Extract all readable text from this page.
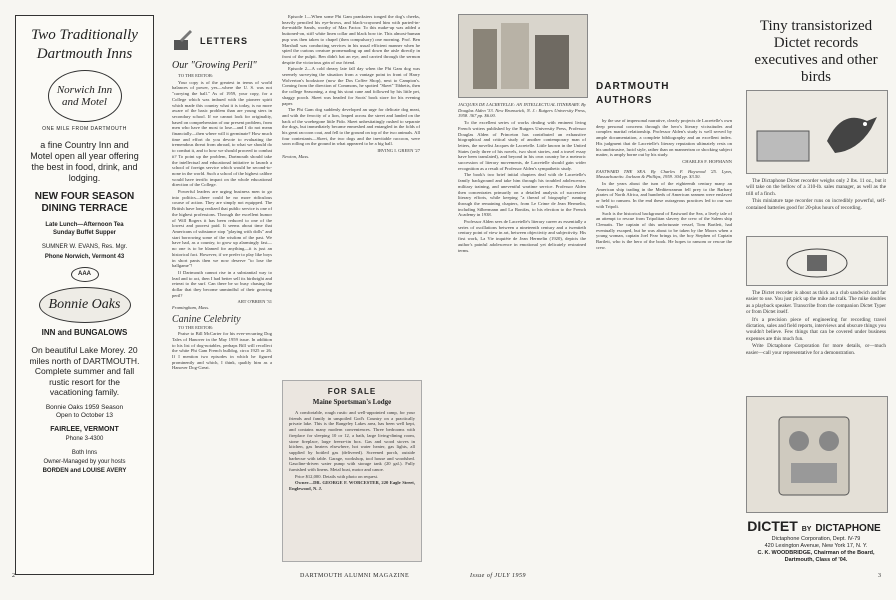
Two Traditionally Dartmouth Inns
Norwich Inn
and Motel
ONE MILE FROM DARTMOUTH
a fine Country Inn and Motel open all year offering the best in food, drink, and lodging.
NEW FOUR SEASON DINING TERRACE
Late Lunch—Afternoon Tea Sunday Buffet Supper
SUMNER W. EVANS, Res. Mgr.
Phone Norwich, Vermont 43
AAA
Bonnie Oaks
INN and BUNGALOWS
On beautiful Lake Morey. 20 miles north of DARTMOUTH. Complete summer and fall rustic resort for the vacationing family.
Bonnie Oaks 1959 Season Open to October 13
FAIRLEE, VERMONT
Phone 3-4300
Both Inns
Owner-Managed by your hosts
BORDEN and LOUISE AVERY
LETTERS
Our "Growing Peril"

TO THE EDITOR:

Your copy is of the greatest in terms of world balances of power, yes—where the U. S. was not "carrying the ball." As of 1959, your copy, for a College which was imbued with the pioneer spirit which made this country what it is today, is no more aware of the basic problem than are young sters in secondary school. If we cannot look for originality, based on comprehension of our present problem, from men who have the most to lose—and I do not mean financially—then where will it germinate? How much time and effort do you devote to evaluating the tremendous threat from abroad, to what we should do to combat it, and to how we should proceed to combat it? To point up the problem, Dartmouth should take the intellectual and educational initiative to launch a school of foreign service which would be second-to-none in the world. Such a school of the highest calibre would have terrific impact on the whole educational direction of the College.

Powerful leaders are urging business men to go into politics—there could be no more ridiculous course of action. They are simply not equipped. The British have long realized that public service is one of the highest professions. Through the excellent humor of Will Rogers it has been reduced to one of the lowest and poorest paid. It seems about time that Americans of substance stop "playing with dolls" and start borrowing some of the wisdom of the past. We have had, as a country, to grow up alarmingly fast—no one is to be blamed for anything—it is just an historical fact. However, if we prefer to play like boys in short pants then we now deserve "to lose the ballgame"!

If Dartmouth cannot rise in a substantial way to lead and to act, then I had better sell its birthright and retreat to the surf. Can there be so busy chasing the dollar that they become unmindful of their growing peril?

ART O'BRIEN '31
Framingham, Mass.
Canine Celebrity

TO THE EDITOR:

Praise to Bill McCarter for his ever-recurring Dog Tales of Hanover in the May 1959 issue. In addition to his list of dog-notables, perhaps Bill will recollect the white Phi Gam French bulldog, circa 1925 or 26. If I mention two episodes in which he figured prominently and which, I think, qualify him as a Hanover Dog-Great.

Episode 1—When some Phi Gam pranksters tonged the dog's cheeks, heavily penciled his eye-brows, and black-crayoned him with parted-in-the-middle Sands, worthy of Max Factor. To this make-up was added a buttoned-on, stiff white linen collar and black bow tie. This almost-human pup was then taken to chapel (then compulsory) one morning. Prof. Ben Marshall was conducting services in his usual efficient manner when he spied the curious creature promenading up and down the aisle directly in front of the pulpit. Ben didn't bat an eye, and carried through the sermon despite the victorious grin of our friend.

Episode 2—A cold dreary late fall day when the Phi Gam dog was serenely surveying the situation from a vantage point in front of Harry Wolverton's bookstore (now the Dos Coffee Shop), next to Campion's. Coming from the direction of Commons, he spotted "Skeet" Tibbetts, then the college Seasoning, a ring his stout cane and followed by his little pet, shaggy pooch. Skeet was headed for Soots' book store for his evening paper.

The Phi Gam dog suddenly developed an urge for delicate dog meat, and with the ferocity of a lion, leaped across the street and landed on the back of the woebegone little Fido. Skeet unhesitatingly rushed to separate the dogs, but immediately became enmeshed and entangled in the folds of his great raccoon coat, and fell to the ground on top of the two animals. All four contestants—Skeet, the two dogs and the inevitable raccoon, were soon rolling on the ground in what appeared to be a big ball.

IRVING I. GREEN '27
Newton, Mass.
FOR SALE
Maine Sportsman's Lodge

A comfortable, rough rustic and well-appointed camp, for your friends and family in unspoiled God's Country on a practically private lake. This is the Rangeley Lakes area, has been well kept, and contains many modern conveniences. Three bedrooms with fireplace for sleeping 10 or 12, a bath, large living-dining room, stone fireplace, large freeze-tin box. Gas and wood stoves in kitchen, gas heaters elsewhere, hot water heater, gas lights, all supplied by bottled gas (delivered). Screened porch, outside barbecue with table. Garage, workshop, tool house and woodshed. Gasoline-driven water pump with storage tank (20 gal.). Fully furnished with linens. Metal boat, motor and canoe.

Price $12,000. Details with photo on request.

Owner—DR. GEORGE F. WORCESTER, 220 Eagle Street, Englewood, N. J.

JACQUES DE LACRETELLE: AN INTELLECTUAL ITINERARY. By Douglas Alden '33. New Brunswick, N. J.: Rutgers University Press, 1958. 367 pp. $6.00.

To the excellent series of works dealing with eminent living French writers published by the Rutgers University Press, Professor Douglas Alden of Princeton has contributed an exhaustive biographical and critical study of another contemporary man of letters, the novelist Jacques de Lacretelle. Little known in the United States (only three of his novels, two short stories, and a travel essay have been translated), and beyond in his own country be a meteoric succession of literary movements, de Lacretelle should gain wider recognition as a result of Professor Alden's sympathetic study.

The book's two brief initial chapters deal with de Lacretelle's family background and take him through his troubled adolescence, military training, and uneventful wartime service. Professor Alden then concentrates primarily on a detailed analysis of successive literary efforts, while keeping "a thread of biography" running through the remaining chapters, from Le Crime de Jean Hermelin, including Silbermann and La Bonifas, to his election to the French Academy in 1938.

Professor Alden sees de Lacretelle's literary career as essentially a series of oscillations between a nineteenth century and a twentieth century point of view in art, between objectivity and subjectivity. His first work, La Vie inquiète de Jean Hermelin (1920), depicts the author's painful adolescence in emotional yet delicately restrained terms.

DARTMOUTH
AUTHORS

by the use of impersonal narrative, clearly projects de Lacretelle's own deep personal concerns through the hero's literary vicissitudes and complex marital relationship. Professor Alden's study is well served by ample documentation, a complete bibliography and an excellent index. His judgment that de Lacretelle's literary reputation ultimately rests on his unobtrusive, lucid style, rather than on mannerism or shocking subject matter, is amply borne out by his study.

CHARLES F. HOFMANN

EASTWARD THE SEA. By Charles F. Haywood '25. Lynn, Massachusetts: Jackson & Phillips, 1959. 304 pp. $3.50.

In the years about the turn of the eighteenth century many an American ship trading in the Mediterranean fell prey to the Barbary pirates of North Africa, and hundreds of American seamen were enslaved or held to ransom. In the end these outrageous practices led to our war with Tripoli.

Such is the historical background of Eastward the Sea, a lively tale of an attempt to rescue from Tripolitan slavery the crew of the Salem ship Clematis. The captain of this unfortunate vessel, Tom Bartlett, had eventually escaped, but he was about to be taken by the Moors when a young woman, captain Joel Fear brings in, the boy Stephen of Captain Bartlett, who is the hero of the book. He hopes to ransom or rescue the crew.

Tiny transistorized Dictet records executives and other birds

The Dictaphone Dictet recorder weighs only 2 lbs. 11 oz., but it will take on the bellow of a 310-lb. sales manager, as well as the trill of a finch.

This miniature tape recorder runs on incredibly powerful, self-contained batteries good for 20-plus hours of recording.

The Dictet recorder is about as thick as a club sandwich and far easier to use. You just pick up the mike and talk. The mike doubles as a playback speaker. Transcribe from the companion Dictet Typer or from Dictet itself.

It's a precision piece of engineering for recording travel dictation, sales and field reports, interviews and obscure things you wouldn't believe. Few things that can be covered under business expenses are this much fun.

Write Dictaphone Corporation for more details, or—much easier—call your representative for a demonstration.

DICTET BY DICTAPHONE
Dictaphone Corporation, Dept. IV-79
420 Lexington Avenue, New York 17, N. Y.
C. K. WOODBRIDGE, Chairman of the Board,
Dartmouth, Class of '04.
2	DARTMOUTH ALUMNI MAGAZINE	Issue of JULY 1959	3
